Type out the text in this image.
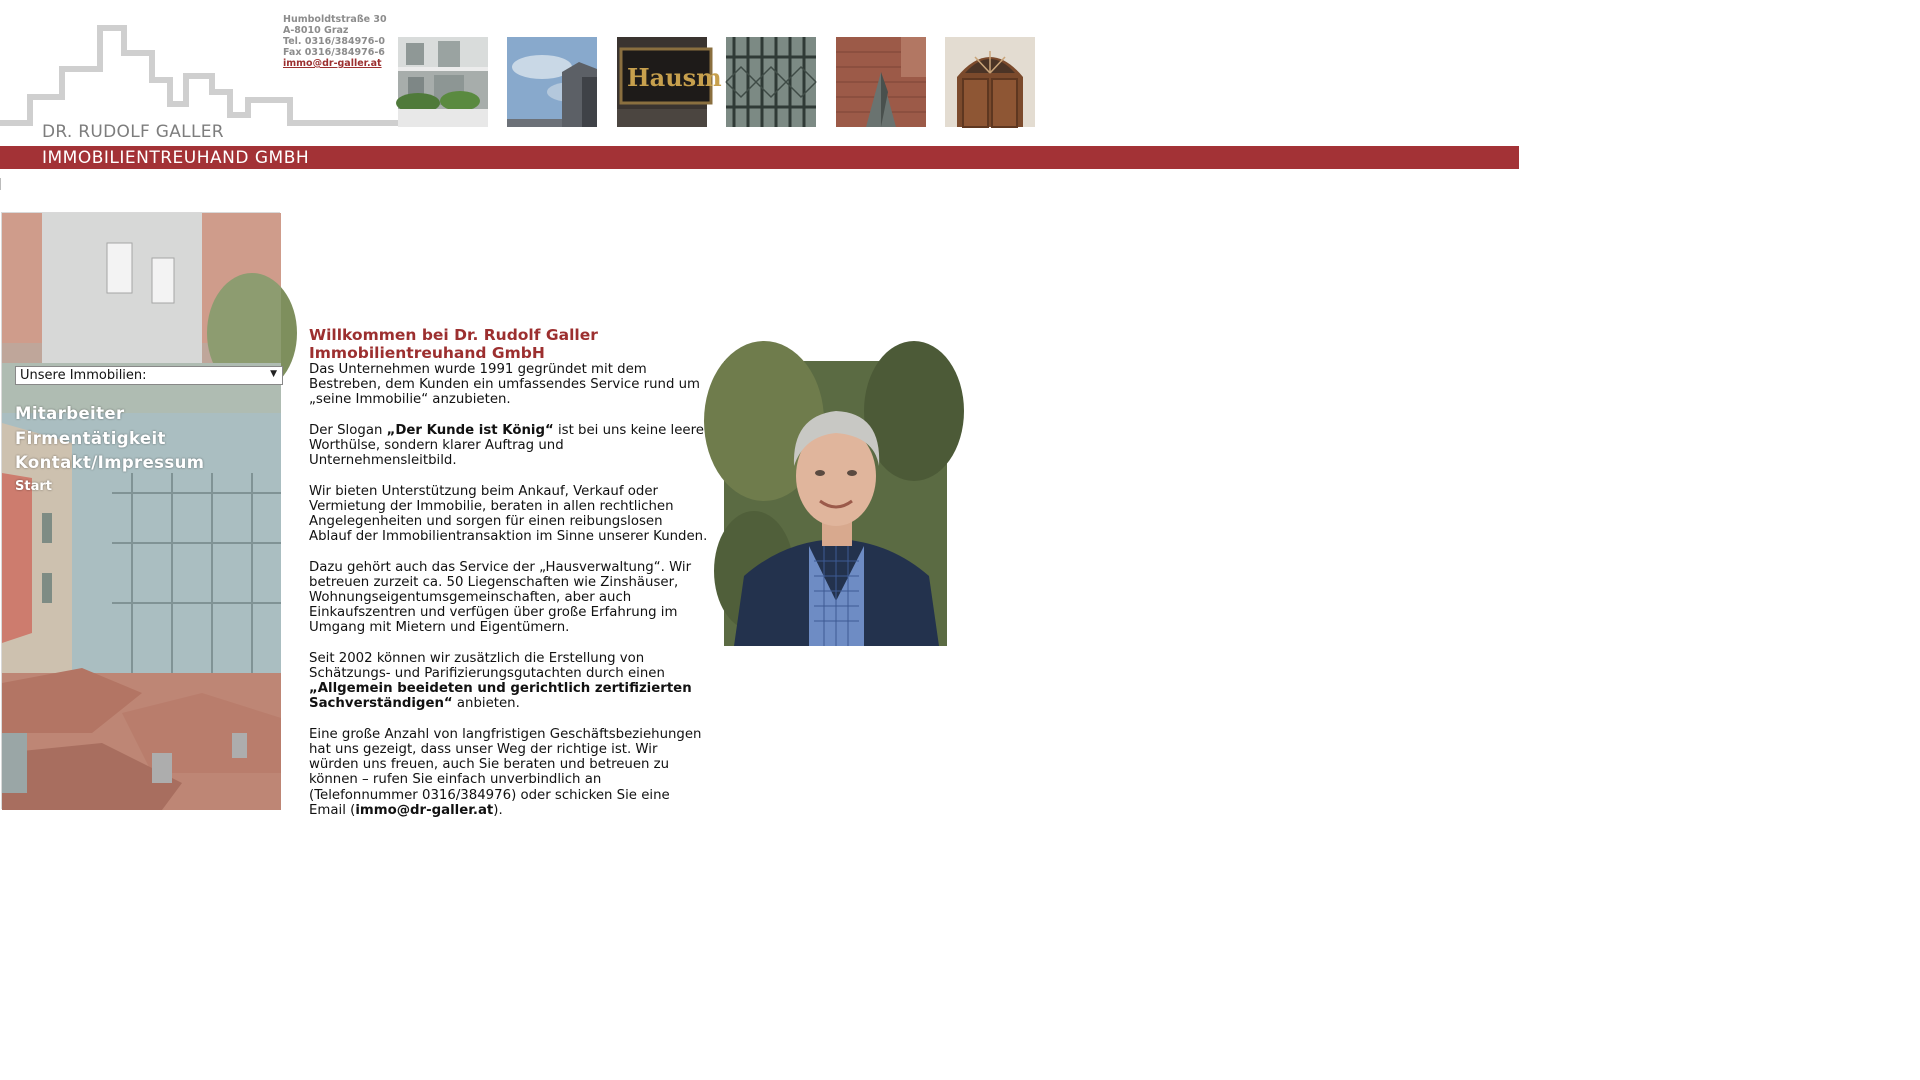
DR. RUDOLF GALLER
Humboldtstraße 30
A-8010 Graz
Tel. 0316/384976-0
Fax 0316/384976-6
immo@dr-galler.at	Hausm
IMMOBILIENTREUHAND GMBH
Unsere Immobilien:	▼
Mitarbeiter
Firmentätigkeit
Kontakt/Impressum
Start
Willkommen bei Dr. Rudolf Galler
Immobilientreuhand GmbH

Das Unternehmen wurde 1991 gegründet mit dem Bestreben, dem Kunden ein umfassendes Service rund um „seine Immobilie“ anzubieten.

Der Slogan „Der Kunde ist König“ ist bei uns keine leere Worthülse, sondern klarer Auftrag und Unternehmensleitbild.

Wir bieten Unterstützung beim Ankauf, Verkauf oder Vermietung der Immobilie, beraten in allen rechtlichen Angelegenheiten und sorgen für einen reibungslosen Ablauf der Immobilientransaktion im Sinne unserer Kunden.

Dazu gehört auch das Service der „Hausverwaltung“. Wir betreuen zurzeit ca. 50 Liegenschaften wie Zinshäuser, Wohnungseigentumsgemeinschaften, aber auch Einkaufszentren und verfügen über große Erfahrung im Umgang mit Mietern und Eigentümern.

Seit 2002 können wir zusätzlich die Erstellung von Schätzungs- und Parifizierungsgutachten durch einen „Allgemein beeideten und gerichtlich zertifizierten Sachverständigen“ anbieten.

Eine große Anzahl von langfristigen Geschäftsbeziehungen hat uns gezeigt, dass unser Weg der richtige ist. Wir würden uns freuen, auch Sie beraten und betreuen zu können – rufen Sie einfach unverbindlich an (Telefonnummer 0316/384976) oder schicken Sie eine Email (immo@dr-galler.at).
